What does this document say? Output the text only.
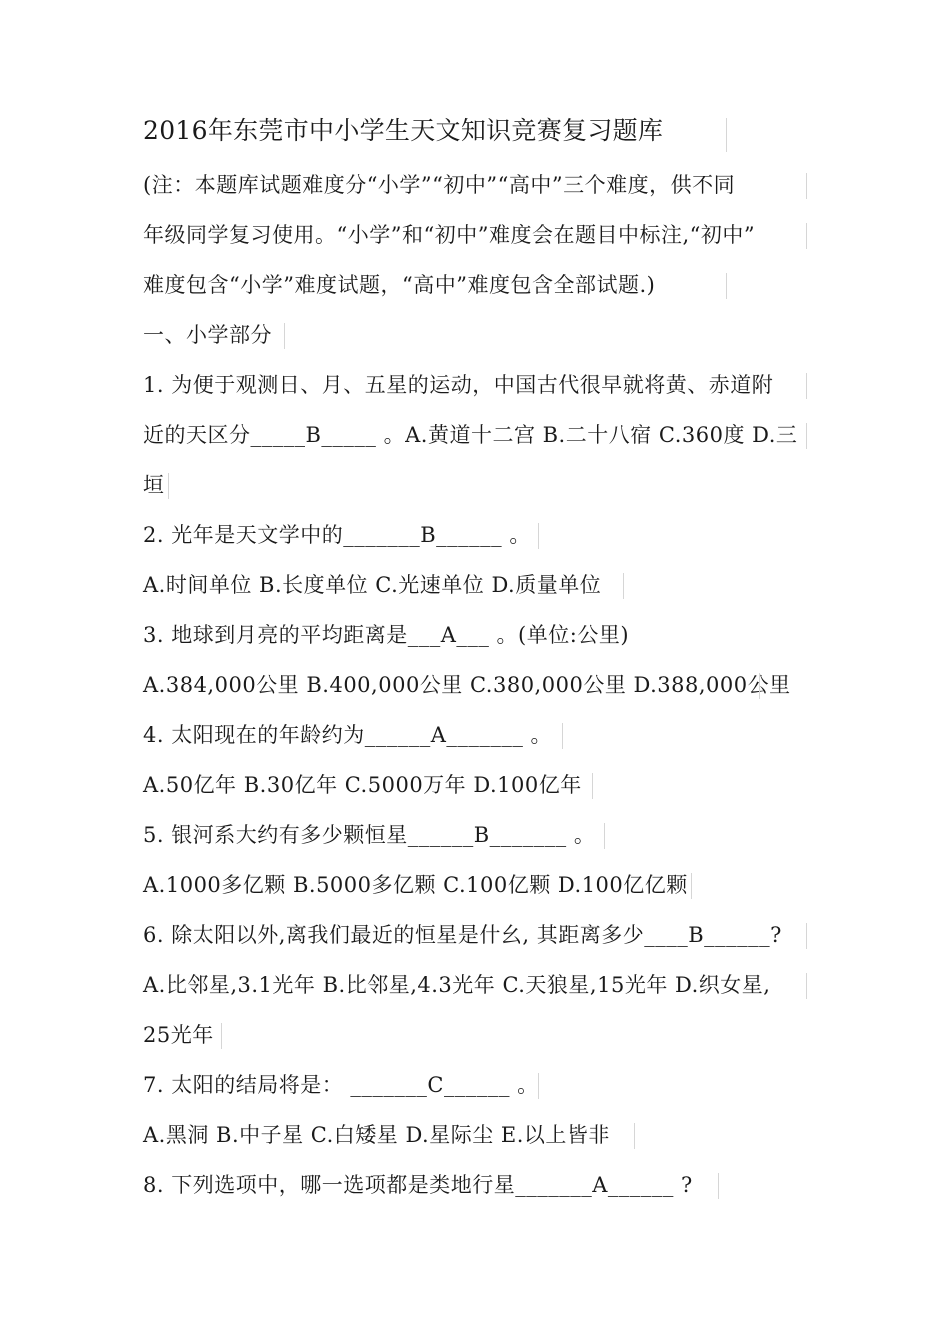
2016年东莞市中小学生天文知识竞赛复习题库
(注：本题库试题难度分“小学”“初中”“高中”三个难度，供不同
年级同学复习使用。“小学”和“初中”难度会在题目中标注,“初中”
难度包含“小学”难度试题，“高中”难度包含全部试题.)
一、小学部分
1. 为便于观测日、月、五星的运动，中国古代很早就将黄、赤道附
近的天区分_____B_____ 。A.黄道十二宫 B.二十八宿 C.360度 D.三
垣
2. 光年是天文学中的_______B______ 。
A.时间单位 B.长度单位 C.光速单位 D.质量单位
3. 地球到月亮的平均距离是___A___ 。(单位:公里)
A.384,000公里 B.400,000公里 C.380,000公里 D.388,000公里
4. 太阳现在的年龄约为______A_______ 。
A.50亿年 B.30亿年 C.5000万年 D.100亿年
5. 银河系大约有多少颗恒星______B_______ 。
A.1000多亿颗 B.5000多亿颗 C.100亿颗 D.100亿亿颗
6. 除太阳以外,离我们最近的恒星是什幺, 其距离多少____B______?
A.比邻星,3.1光年 B.比邻星,4.3光年 C.天狼星,15光年 D.织女星,
25光年
7. 太阳的结局将是： _______C______ 。
A.黑洞 B.中子星 C.白矮星 D.星际尘 E.以上皆非
8. 下列选项中，哪一选项都是类地行星_______A______ ?
